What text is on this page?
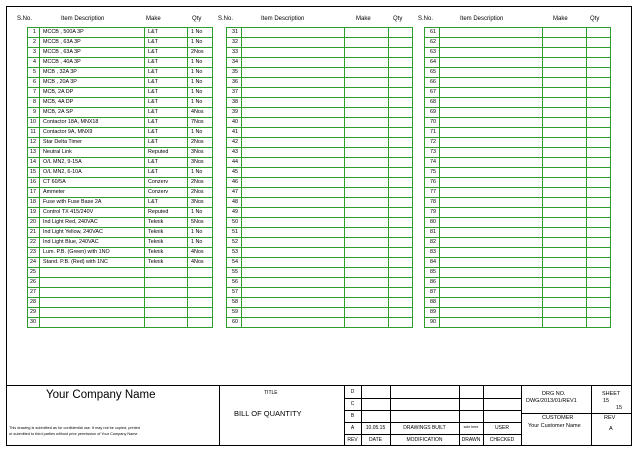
S.No.	Item Description	Make	Qty	S.No.	Item Description	Make	Qty	S.No.	Item Description	Make	Qty
1	MCCB , 500A 3P	L&T	1 No
2	MCCB , 63A 3P	L&T	1 No
3	MCCB , 63A 3P	L&T	2Nos
4	MCCB , 40A 3P	L&T	1 No
5	MCB , 32A 3P	L&T	1 No
6	MCB , 20A 3P	L&T	1 No
7	MCB, 2A DP	L&T	1 No
8	MCB, 4A DP	L&T	1 No
9	MCB, 2A SP	L&T	4Nos
10	Contactor 18A, MNX18	L&T	7Nos
11	Contactor 9A, MNX9	L&T	1 No
12	Star Delta Timer	L&T	2Nos
13	Neutral Link	Reputed	3Nos
14	O/L MN2, 9-15A	L&T	3Nos
15	O/L MN2, 6-10A	L&T	1 No
16	CT 60/5A	Conzerv	2Nos
17	Ammeter	Conzerv	2Nos
18	Fuse with Fuse Base 2A	L&T	3Nos
19	Control TX 415/240V	Reputed	1 No
20	Ind Light Red, 240VAC	Teknik	5Nos
21	Ind Light Yellow, 240VAC	Teknik	1 No
22	Ind Light Blue, 240VAC	Teknik	1 No
23	Lum. P.B. (Green) with 1NO	Teknik	4Nos
24	Stand. P.B. (Red) with 1NC	Teknik	4Nos
25			
26			
27			
28			
29			
30			
31			
32			
33			
34			
35			
36			
37			
38			
39			
40			
41			
42			
43			
44			
45			
46			
47			
48			
49			
50			
51			
52			
53			
54			
55			
56			
57			
58			
59			
60			
61			
62			
63			
64			
65			
66			
67			
68			
69			
70			
71			
72			
73			
74			
75			
76			
77			
78			
79			
80			
81			
82			
83			
84			
85			
86			
87			
88			
89			
90			
Your Company Name
This drawing is submitted as for confidential use. It may not be copied, printed
or submitted to third parties without prior permission of Your Company Name
TITLE
BILL OF QUANTITY
D
C
B
A	10.05.15	DRAWINGS BUILT	sole here	USER
REV	DATE	MODIFICATION	DRAWN	CHECKED
DRG NO.
DWG/2013/01/REV1
CUSTOMER
Your Customer Name
SHEET
15
15
REV
A
